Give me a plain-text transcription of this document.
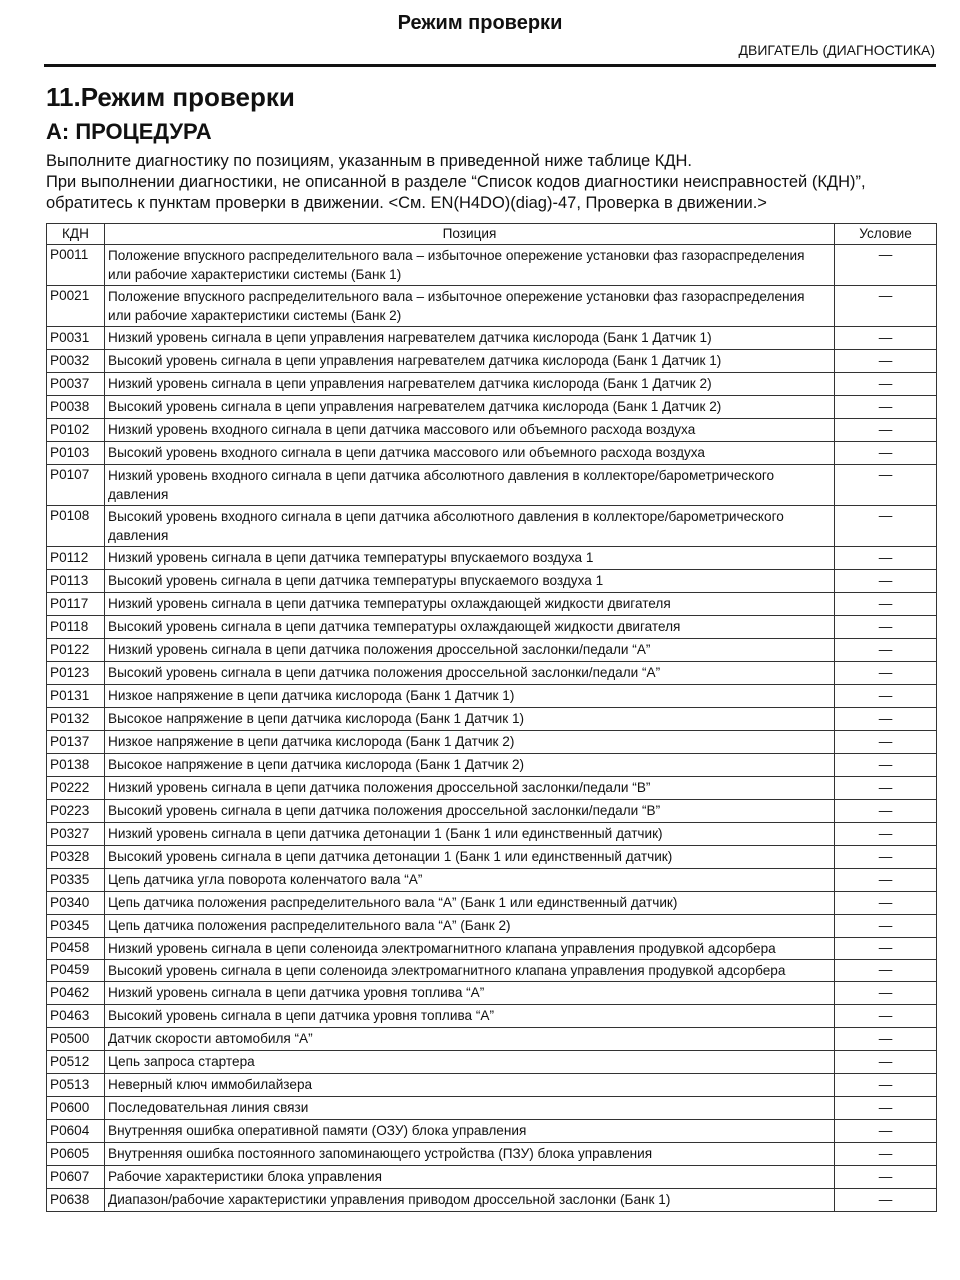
Режим проверки
ДВИГАТЕЛЬ (ДИАГНОСТИКА)
11.Режим проверки
A: ПРОЦЕДУРА

Выполните диагностику по позициям, указанным в приведенной ниже таблице КДН.

При выполнении диагностики, не описанной в разделе “Список кодов диагностики неисправностей (КДН)”, обратитесь к пунктам проверки в движении. <См. EN(H4DO)(diag)-47, Проверка в движении.>

КДН	Позиция	Условие
P0011	Положение впускного распределительного вала – избыточное опережение установки фаз газораспределения или рабочие характеристики системы (Банк 1)	—
P0021	Положение впускного распределительного вала – избыточное опережение установки фаз газораспределения или рабочие характеристики системы (Банк 2)	—
P0031	Низкий уровень сигнала в цепи управления нагревателем датчика кислорода (Банк 1 Датчик 1)	—
P0032	Высокий уровень сигнала в цепи управления нагревателем датчика кислорода (Банк 1 Датчик 1)	—
P0037	Низкий уровень сигнала в цепи управления нагревателем датчика кислорода (Банк 1 Датчик 2)	—
P0038	Высокий уровень сигнала в цепи управления нагревателем датчика кислорода (Банк 1 Датчик 2)	—
P0102	Низкий уровень входного сигнала в цепи датчика массового или объемного расхода воздуха	—
P0103	Высокий уровень входного сигнала в цепи датчика массового или объемного расхода воздуха	—
P0107	Низкий уровень входного сигнала в цепи датчика абсолютного давления в коллекторе/барометрического давления	—
P0108	Высокий уровень входного сигнала в цепи датчика абсолютного давления в коллекторе/барометрического давления	—
P0112	Низкий уровень сигнала в цепи датчика температуры впускаемого воздуха 1	—
P0113	Высокий уровень сигнала в цепи датчика температуры впускаемого воздуха 1	—
P0117	Низкий уровень сигнала в цепи датчика температуры охлаждающей жидкости двигателя	—
P0118	Высокий уровень сигнала в цепи датчика температуры охлаждающей жидкости двигателя	—
P0122	Низкий уровень сигнала в цепи датчика положения дроссельной заслонки/педали “A”	—
P0123	Высокий уровень сигнала в цепи датчика положения дроссельной заслонки/педали “A”	—
P0131	Низкое напряжение в цепи датчика кислорода (Банк 1 Датчик 1)	—
P0132	Высокое напряжение в цепи датчика кислорода (Банк 1 Датчик 1)	—
P0137	Низкое напряжение в цепи датчика кислорода (Банк 1 Датчик 2)	—
P0138	Высокое напряжение в цепи датчика кислорода (Банк 1 Датчик 2)	—
P0222	Низкий уровень сигнала в цепи датчика положения дроссельной заслонки/педали “B”	—
P0223	Высокий уровень сигнала в цепи датчика положения дроссельной заслонки/педали “B”	—
P0327	Низкий уровень сигнала в цепи датчика детонации 1 (Банк 1 или единственный датчик)	—
P0328	Высокий уровень сигнала в цепи датчика детонации 1 (Банк 1 или единственный датчик)	—
P0335	Цепь датчика угла поворота коленчатого вала “A”	—
P0340	Цепь датчика положения распределительного вала “A” (Банк 1 или единственный датчик)	—
P0345	Цепь датчика положения распределительного вала “A” (Банк 2)	—
P0458	Низкий уровень сигнала в цепи соленоида электромагнитного клапана управления продувкой адсорбера	—
P0459	Высокий уровень сигнала в цепи соленоида электромагнитного клапана управления продувкой адсорбера	—
P0462	Низкий уровень сигнала в цепи датчика уровня топлива “A”	—
P0463	Высокий уровень сигнала в цепи датчика уровня топлива “A”	—
P0500	Датчик скорости автомобиля “A”	—
P0512	Цепь запроса стартера	—
P0513	Неверный ключ иммобилайзера	—
P0600	Последовательная линия связи	—
P0604	Внутренняя ошибка оперативной памяти (ОЗУ) блока управления	—
P0605	Внутренняя ошибка постоянного запоминающего устройства (ПЗУ) блока управления	—
P0607	Рабочие характеристики блока управления	—
P0638	Диапазон/рабочие характеристики управления приводом дроссельной заслонки (Банк 1)	—
